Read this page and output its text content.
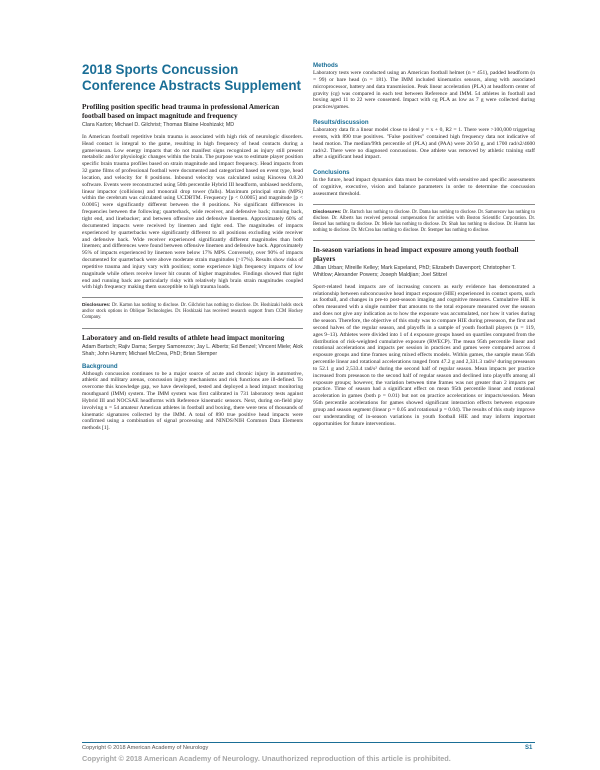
2018 Sports Concussion Conference Abstracts Supplement
Profiling position specific head trauma in professional American football based on impact magnitude and frequency

Clara Karton; Michael D. Gilchrist; Thomas Blaine Hoshizaki; MD

In American football repetitive brain trauma is associated with high risk of neurologic disorders. Head contact is integral to the game, resulting in high frequency of head contacts during a game/season. Low energy impacts that do not manifest signs recognized as injury still present metabolic and/or physiologic changes within the brain. The purpose was to estimate player position specific brain trauma profiles based on strain magnitude and impact frequency. Head impacts from 32 game films of professional football were documented and categorized based on event type, head location, and velocity for 8 positions. Inbound velocity was calculated using Kinovea 0.8.20 software. Events were reconstructed using 50th percentile Hybrid III headform, unbiased neckform, linear impactor (collisions) and monorail drop tower (falls). Maximum principal strain (MPS) within the cerebrum was calculated using UCDBTM. Frequency [p < 0.0005] and magnitude [p < 0.0005] were significantly different between the 8 positions. No significant differences in frequencies between the following; quarterback, wide receiver, and defensive back; running back, tight end, and linebacker; and between offensive and defensive linemen. Approximately 60% of documented impacts were received by linemen and tight end. The magnitudes of impacts experienced by quarterbacks were significantly different to all positions excluding wide receiver and defensive back. Wide receiver experienced significantly different magnitudes than both linemen; and differences were found between offensive linemen and defensive back. Approximately 95% of impacts experienced by linemen were below 17% MPS. Conversely, over 90% of impacts documented for quarterback were above moderate strain magnitudes (>17%). Results show risks of repetitive trauma and injury vary with position; some experience high frequency impacts of low magnitude while others receive lower hit counts of higher magnitudes. Findings showed that tight end and running back are particularly risky with relatively high brain strain magnitudes coupled with high frequency making them susceptible to high trauma loads.

Disclosures: Dr. Karton has nothing to disclose. Dr. Gilchrist has nothing to disclose. Dr. Hoshizaki holds stock and/or stock options in Oblique Technologies. Dr. Hoshizaki has received research support from CCM Hockey Company.

Laboratory and on-field results of athlete head impact monitoring

Adam Bartsch; Rajiv Dama; Sergey Samorezov; Jay L. Alberts; Ed Benzel; Vincent Miele; Alok Shah; John Humm; Michael McCrea, PhD; Brian Stemper

Background

Although concussion continues to be a major source of acute and chronic injury in automotive, athletic and military arenas, concussion injury mechanisms and risk functions are ill-defined. To overcome this knowledge gap, we have developed, tested and deployed a head impact monitoring mouthguard (IMM) system. The IMM system was first calibrated in 731 laboratory tests against Hybrid III and NOCSAE headforms with Reference kinematic sensors. Next, during on-field play involving n = 54 amateur American athletes in football and boxing, there were tens of thousands of kinematic signatures collected by the IMM. A total of 890 true positive head impacts were confirmed using a combination of signal processing and NINDS/NIH Common Data Elements methods [1].

Methods

Laboratory tests were conducted using an American football helmet (n = 451), padded headform (n = 99) or bare head (n = 181). The IMM included kinematics sensors, along with associated microprocessor, battery and data transmission. Peak linear acceleration (PLA) at headform center of gravity (cg) was compared in each test between Reference and IMM. 54 athletes in football and boxing aged 11 to 22 were consented. Impact with cg PLA as low as 7 g were collected during practices/games.

Results/discussion

Laboratory data fit a linear model close to ideal y = x + 0, R2 = 1. There were >100,000 triggering events, with 890 true positives. "False positives" contained high frequency data not indicative of head motion. The median/99th percentile of (PLA) and (PAA) were 20/50 g, and 1700 rad/s2/4600 rad/s2. There were no diagnosed concussions. One athlete was removed by athletic training staff after a significant head impact.

Conclusions

In the future, head impact dynamics data must be correlated with sensitive and specific assessments of cognitive, executive, vision and balance parameters in order to determine the concussion assessment threshold.

Disclosures: Dr. Bartsch has nothing to disclose. Dr. Dama has nothing to disclose. Dr. Samorezov has nothing to disclose. Dr. Alberts has received personal compensation for activities with Boston Scientific Corporation. Dr. Benzel has nothing to disclose. Dr. Miele has nothing to disclose. Dr. Shah has nothing to disclose. Dr. Humm has nothing to disclose. Dr. McCrea has nothing to disclose. Dr. Stemper has nothing to disclose.

In-season variations in head impact exposure among youth football players

Jillian Urban; Mireille Kelley; Mark Espeland, PhD; Elizabeth Davenport; Christopher T. Whitlow; Alexander Powers; Joseph Maldjian; Joel Stitzel

Sport-related head impacts are of increasing concern as early evidence has demonstrated a relationship between subconcussive head impact exposure (HIE) experienced in contact sports, such as football, and changes in pre-to post-season imaging and cognitive measures. Cumulative HIE is often measured with a single number that amounts to the total exposure measured over the season and does not give any indication as to how the exposure was accumulated, nor how it varies during the season. Therefore, the objective of this study was to compare HIE during preseason, the first and second halves of the regular season, and playoffs in a sample of youth football players (n = 119, ages 9–13). Athletes were divided into 1 of 4 exposure groups based on quartiles computed from the distribution of risk-weighted cumulative exposure (RWECP). The mean 95th percentile linear and rotational accelerations and impacts per session in practices and games were compared across 4 exposure groups and time frames using mixed effects models. Within games, the sample mean 95th percentile linear and rotational accelerations ranged from 47.2 g and 2,331.3 rad/s² during preseason to 52.1 g and 2,533.4 rad/s² during the second half of regular season. Mean impacts per practice increased from preseason to the second half of regular season and declined into playoffs among all exposure groups; however, the variation between time frames was not greater than 2 impacts per practice. Time of season had a significant effect on mean 95th percentile linear and rotational acceleration in games (both p = 0.01) but not on practice accelerations or impacts/session. Mean 95th percentile accelerations for games showed significant interaction effects between exposure group and season segment (linear p = 0.05 and rotational p = 0.04). The results of this study improve our understanding of in-season variations in youth football HIE and may inform important opportunities for future interventions.

Copyright © 2018 American Academy of Neurology	S1
Copyright © 2018 American Academy of Neurology. Unauthorized reproduction of this article is prohibited.
